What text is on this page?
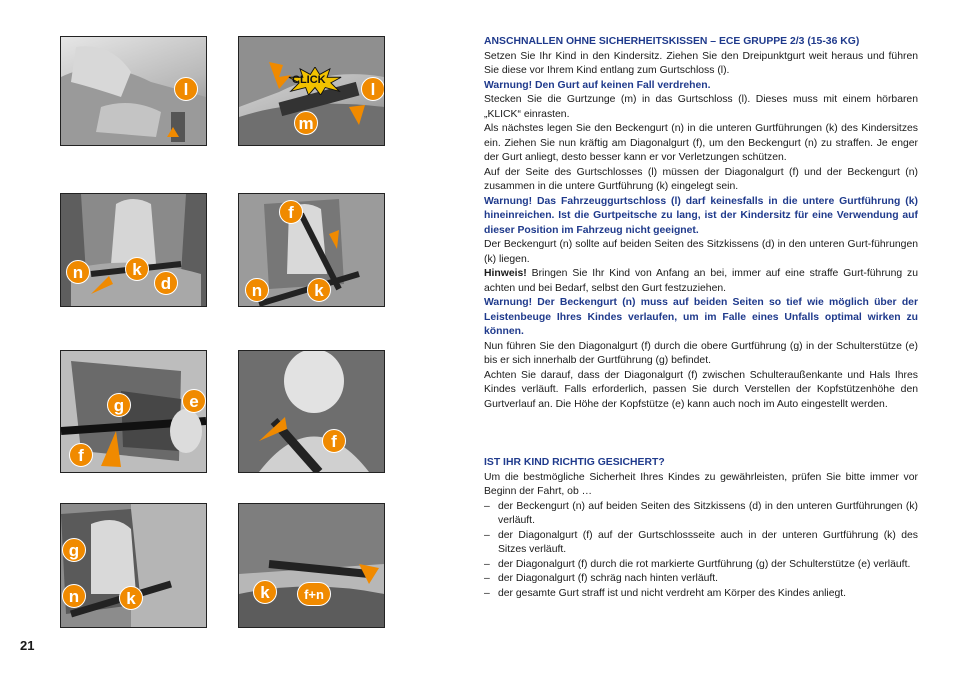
l	CLICK	l
m
n	k
d
f
n	k
g	e
f
f
g
n	k	k	f+n
21

ANSCHNALLEN OHNE SICHERHEITSKISSEN – ECE GRUPPE 2/3 (15-36 KG)

Setzen Sie Ihr Kind in den Kindersitz. Ziehen Sie den Dreipunktgurt weit heraus und führen Sie diese vor Ihrem Kind entlang zum Gurtschloss (l).

Warnung! Den Gurt auf keinen Fall verdrehen.

Stecken Sie die Gurtzunge (m) in das Gurtschloss (l). Dieses muss mit einem hörbaren „KLICK“ einrasten.

Als nächstes legen Sie den Beckengurt (n) in die unteren Gurtführungen (k) des Kindersitzes ein. Ziehen Sie nun kräftig am Diagonalgurt (f), um den Beckengurt (n) zu straffen. Je enger der Gurt anliegt, desto besser kann er vor Verletzungen schützen.

Auf der Seite des Gurtschlosses (l) müssen der Diagonalgurt (f) und der Beckengurt (n) zusammen in die untere Gurtführung (k) eingelegt sein.

Warnung! Das Fahrzeuggurtschloss (l) darf keinesfalls in die untere Gurtführung (k) hineinreichen. Ist die Gurtpeitsche zu lang, ist der Kindersitz für eine Verwendung auf dieser Position im Fahrzeug nicht geeignet.

Der Beckengurt (n) sollte auf beiden Seiten des Sitzkissens (d) in den unteren Gurt-führungen (k) liegen.

Hinweis! Bringen Sie Ihr Kind von Anfang an bei, immer auf eine straffe Gurt-führung zu achten und bei Bedarf, selbst den Gurt festzuziehen.

Warnung! Der Beckengurt (n) muss auf beiden Seiten so tief wie möglich über der Leistenbeuge Ihres Kindes verlaufen, um im Falle eines Unfalls optimal wirken zu können.

Nun führen Sie den Diagonalgurt (f) durch die obere Gurtführung (g) in der Schulterstütze (e) bis er sich innerhalb der Gurtführung (g) befindet.

Achten Sie darauf, dass der Diagonalgurt (f) zwischen Schulteraußenkante und Hals Ihres Kindes verläuft. Falls erforderlich, passen Sie durch Verstellen der Kopfstützenhöhe den Gurtverlauf an. Die Höhe der Kopfstütze (e) kann auch noch im Auto eingestellt werden.

IST IHR KIND RICHTIG GESICHERT?

Um die bestmögliche Sicherheit Ihres Kindes zu gewährleisten, prüfen Sie bitte immer vor Beginn der Fahrt, ob …

– der Beckengurt (n) auf beiden Seiten des Sitzkissens (d) in den unteren Gurtführungen (k) verläuft.
– der Diagonalgurt (f) auf der Gurtschlossseite auch in der unteren Gurtführung (k) des Sitzes verläuft.
– der Diagonalgurt (f) durch die rot markierte Gurtführung (g) der Schulterstütze (e) verläuft.
– der Diagonalgurt (f) schräg nach hinten verläuft.
– der gesamte Gurt straff ist und nicht verdreht am Körper des Kindes anliegt.
